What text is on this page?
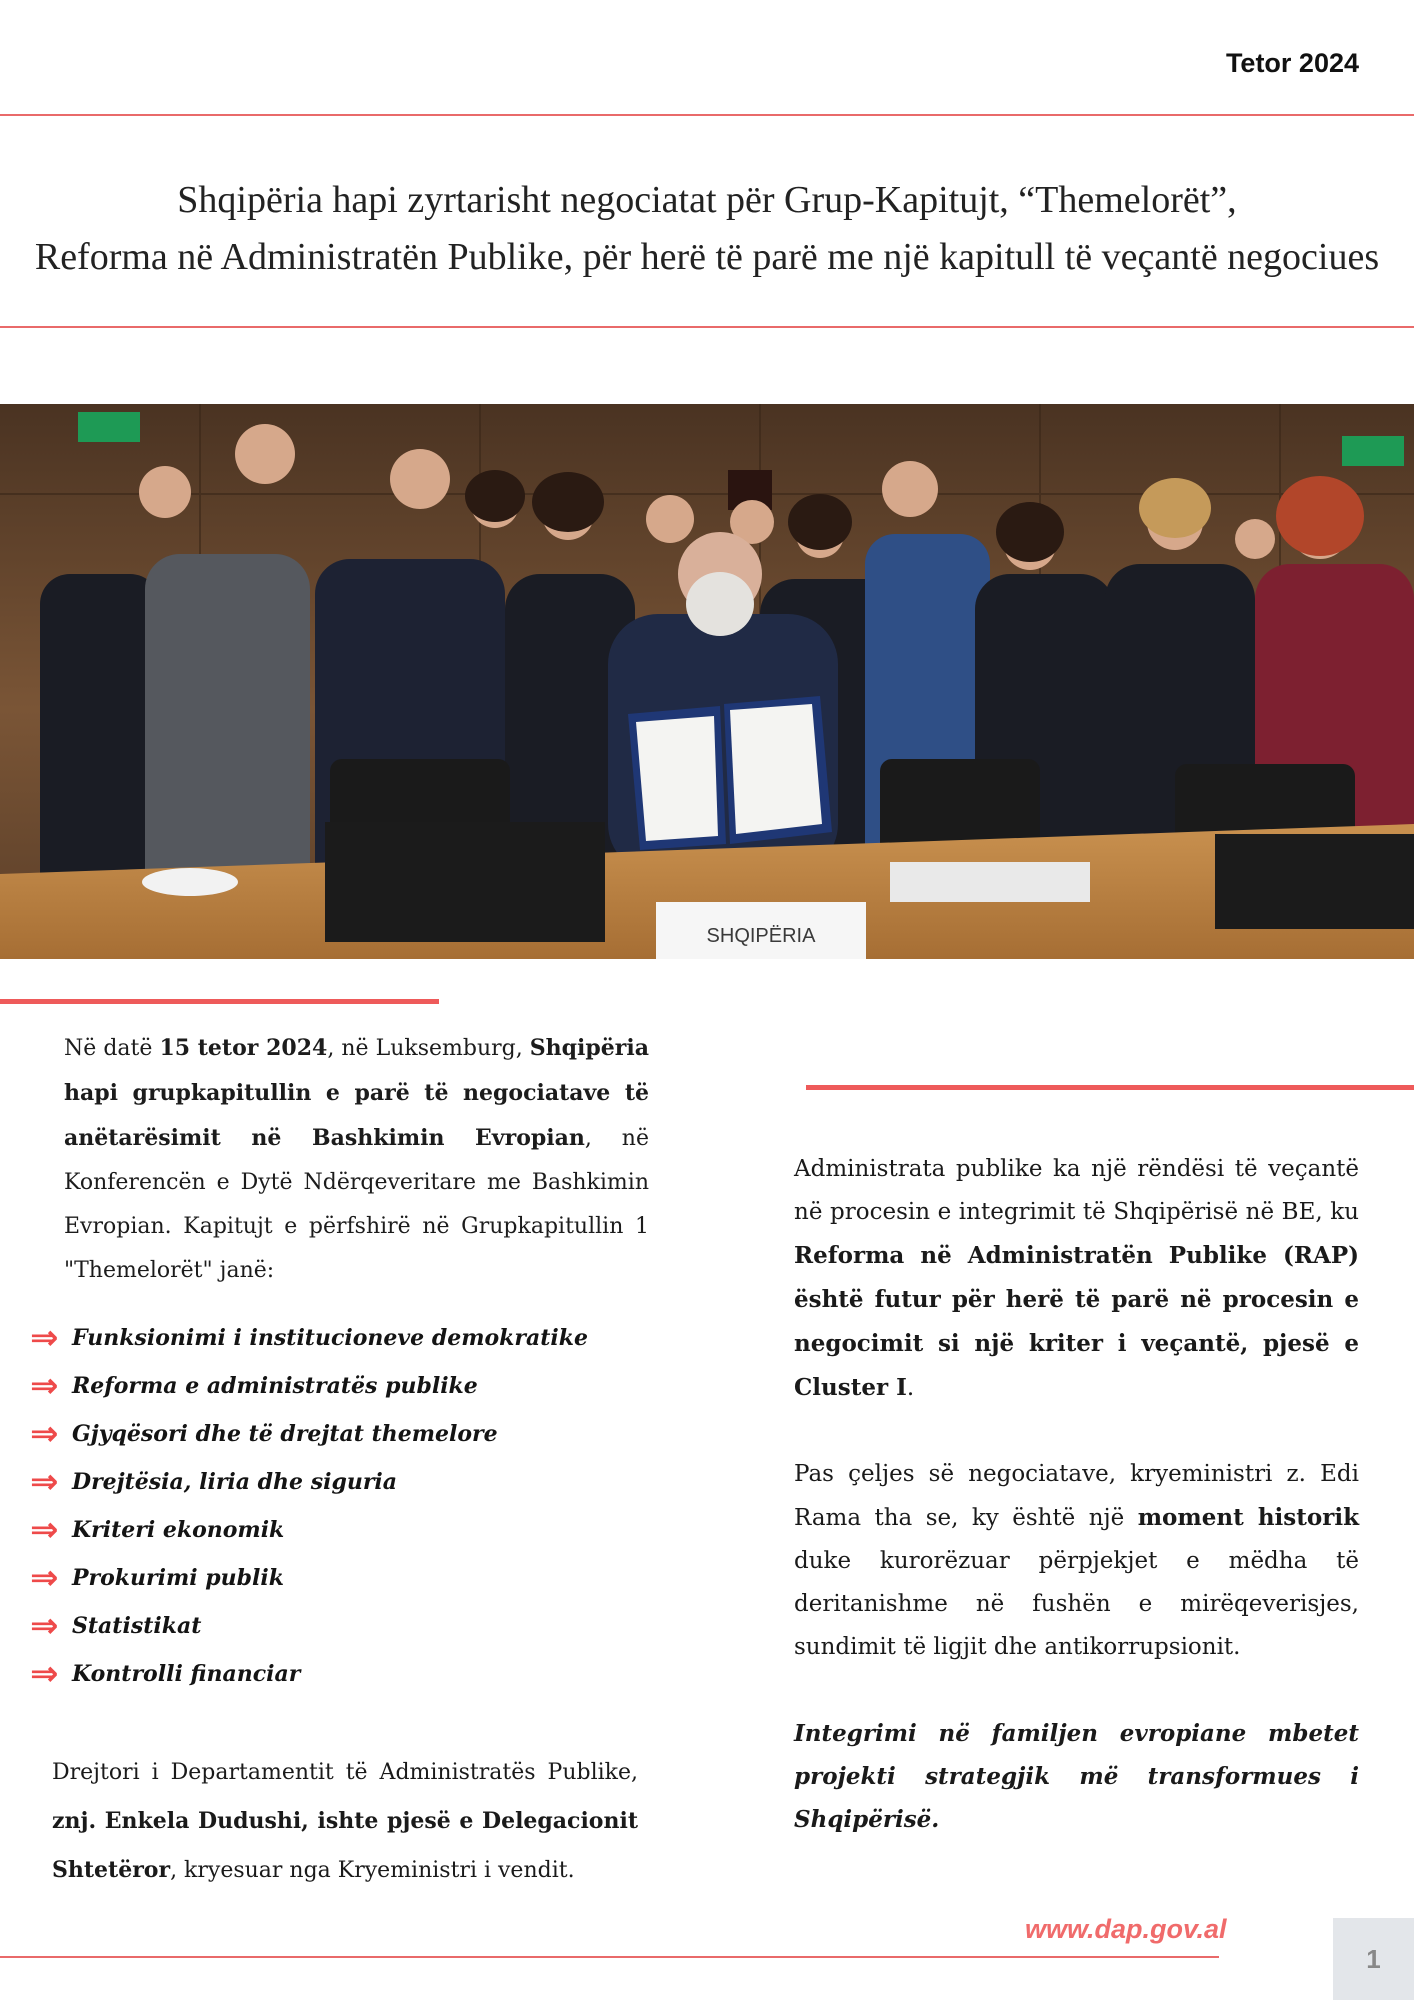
Tetor 2024
Shqipëria hapi zyrtarisht negociatat për Grup-Kapitujt, “Themelorët”,
Reforma në Administratën Publike, për herë të parë me një kapitull të veçantë negociues
SHQIPËRIA
Në datë 15 tetor 2024, në Luksemburg, Shqipëria hapi grupkapitullin e parë të negociatave të anëtarësimit në Bashkimin Evropian, në Konferencën e Dytë Ndërqeveritare me Bashkimin Evropian. Kapitujt e përfshirë në Grupkapitullin 1 "Themelorët" janë:
⇒ Funksionimi i institucioneve demokratike
⇒ Reforma e administratës publike
⇒ Gjyqësori dhe të drejtat themelore
⇒ Drejtësia, liria dhe siguria
⇒ Kriteri ekonomik
⇒ Prokurimi publik
⇒ Statistikat
⇒ Kontrolli financiar
Drejtori i Departamentit të Administratës Publike, znj. Enkela Dudushi, ishte pjesë e Delegacionit Shtetëror, kryesuar nga Kryeministri i vendit.

Administrata publike ka një rëndësi të veçantë në procesin e integrimit të Shqipërisë në BE, ku Reforma në Administratën Publike (RAP) është futur për herë të parë në procesin e negocimit si një kriter i veçantë, pjesë e Cluster I.

Pas çeljes së negociatave, kryeministri z. Edi Rama tha se, ky është një moment historik duke kurorëzuar përpjekjet e mëdha të deritanishme në fushën e mirëqeverisjes, sundimit të ligjit dhe antikorrupsionit.

Integrimi në familjen evropiane mbetet projekti strategjik më transformues i Shqipërisë.

www.dap.gov.al
1
